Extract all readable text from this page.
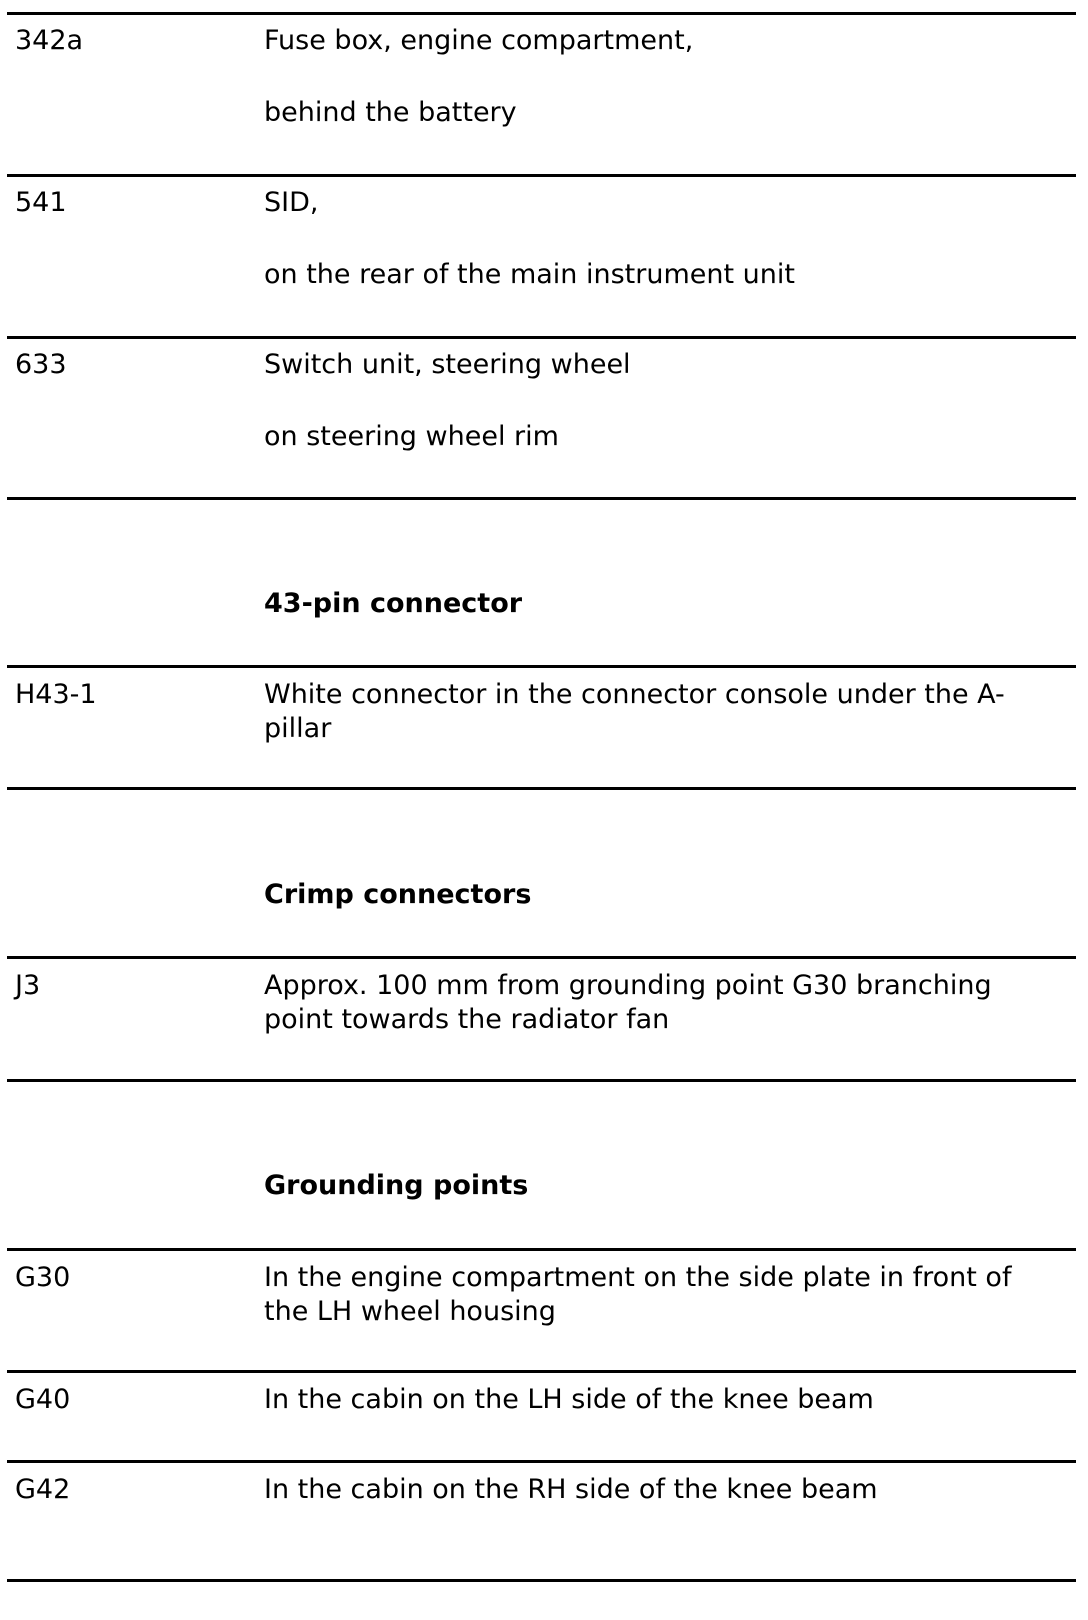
342a	Fuse box, engine compartment,
behind the battery
541	SID,
on the rear of the main instrument unit
633	Switch unit, steering wheel
on steering wheel rim
43-pin connector
H43-1	White connector in the connector console under the A-pillar
Crimp connectors
J3	Approx. 100 mm from grounding point G30 branching point towards the radiator fan
Grounding points
G30	In the engine compartment on the side plate in front of the LH wheel housing
G40	In the cabin on the LH side of the knee beam
G42	In the cabin on the RH side of the knee beam
